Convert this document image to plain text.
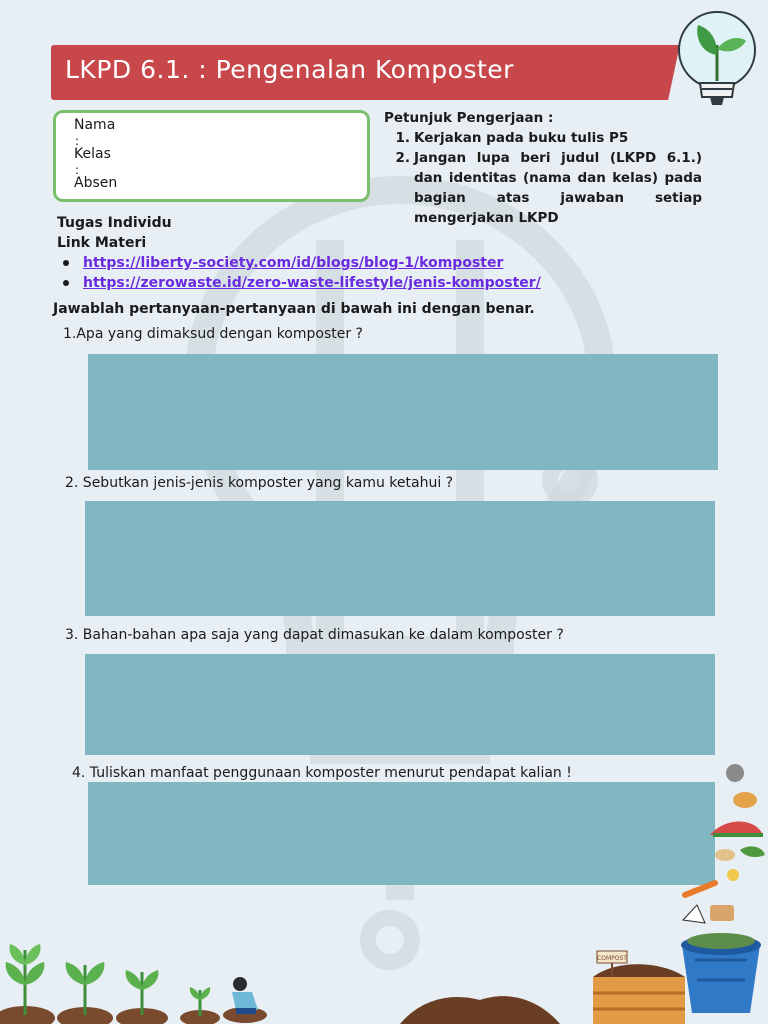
LKPD 6.1. : Pengenalan Komposter
Nama
:
Kelas
:
Absen
Petunjuk Pengerjaan :
1. Kerjakan pada buku tulis P5
2. Jangan lupa beri judul (LKPD 6.1.) dan identitas (nama dan kelas) pada bagian atas jawaban setiap mengerjakan LKPD
Tugas Individu
Link Materi
https://liberty-society.com/id/blogs/blog-1/komposter
https://zerowaste.id/zero-waste-lifestyle/jenis-komposter/
Jawablah pertanyaan-pertanyaan di bawah ini dengan benar.
1.Apa yang dimaksud dengan komposter ?
2. Sebutkan jenis-jenis komposter yang kamu ketahui ?
3. Bahan-bahan apa saja yang dapat dimasukan ke dalam komposter ?
4. Tuliskan manfaat penggunaan komposter menurut pendapat kalian !
COMPOST
